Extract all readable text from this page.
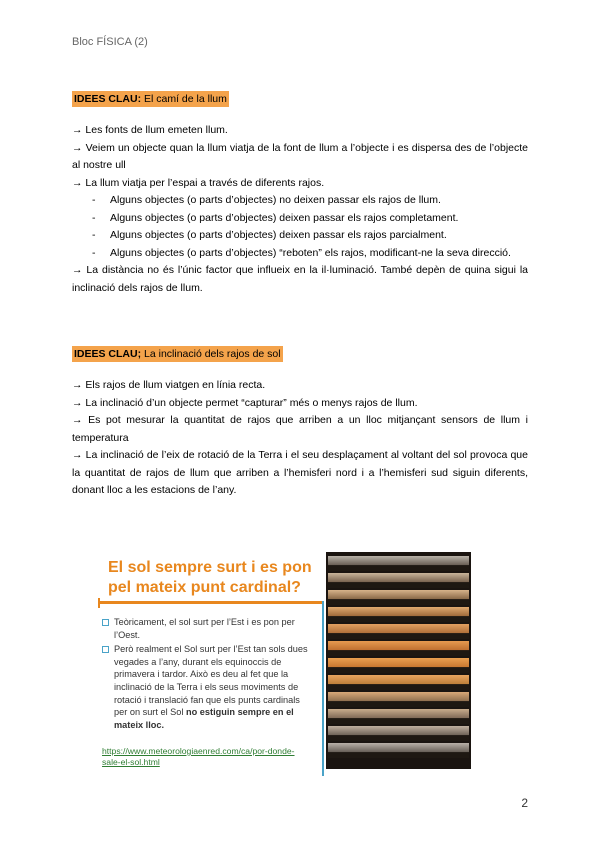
Bloc FÍSICA (2)
IDEES CLAU: El camí de la llum
→ Les fonts de llum emeten llum.
→ Veiem un objecte quan la llum viatja de la font de llum a l’objecte i es dispersa des de l’objecte al nostre ull
→ La llum viatja per l’espai a través de diferents rajos.
- Alguns objectes (o parts d’objectes) no deixen passar els rajos de llum.
- Alguns objectes (o parts d’objectes) deixen passar els rajos completament.
- Alguns objectes (o parts d’objectes) deixen passar els rajos parcialment.
- Alguns objectes (o parts d’objectes) “reboten” els rajos, modificant-ne la seva direcció.
→ La distància no és l’únic factor que influeix en la il·luminació. També depèn de quina sigui la inclinació dels rajos de llum.
IDEES CLAU; La inclinació dels rajos de sol
→ Els rajos de llum viatgen en línia recta.
→ La inclinació d’un objecte permet “capturar” més o menys rajos de llum.
→ Es pot mesurar la quantitat de rajos que arriben a un lloc mitjançant sensors de llum i temperatura
→ La inclinació de l’eix de rotació de la Terra i el seu desplaçament al voltant del sol provoca que la quantitat de rajos de llum que arriben a l’hemisferi nord i a l’hemisferi sud siguin diferents, donant lloc a les estacions de l’any.
El sol sempre surt i es pon pel mateix punt cardinal?
Teòricament, el sol surt per l’Est i es pon per l’Oest.
Però realment el Sol surt per l’Est tan sols dues vegades a l’any, durant els equinoccis de primavera i tardor. Això es deu al fet que la inclinació de la Terra i els seus moviments de rotació i translació fan que els punts cardinals per on surt el Sol no estiguin sempre en el mateix lloc.
https://www.meteorologiaenred.com/ca/por-donde-sale-el-sol.html
2
